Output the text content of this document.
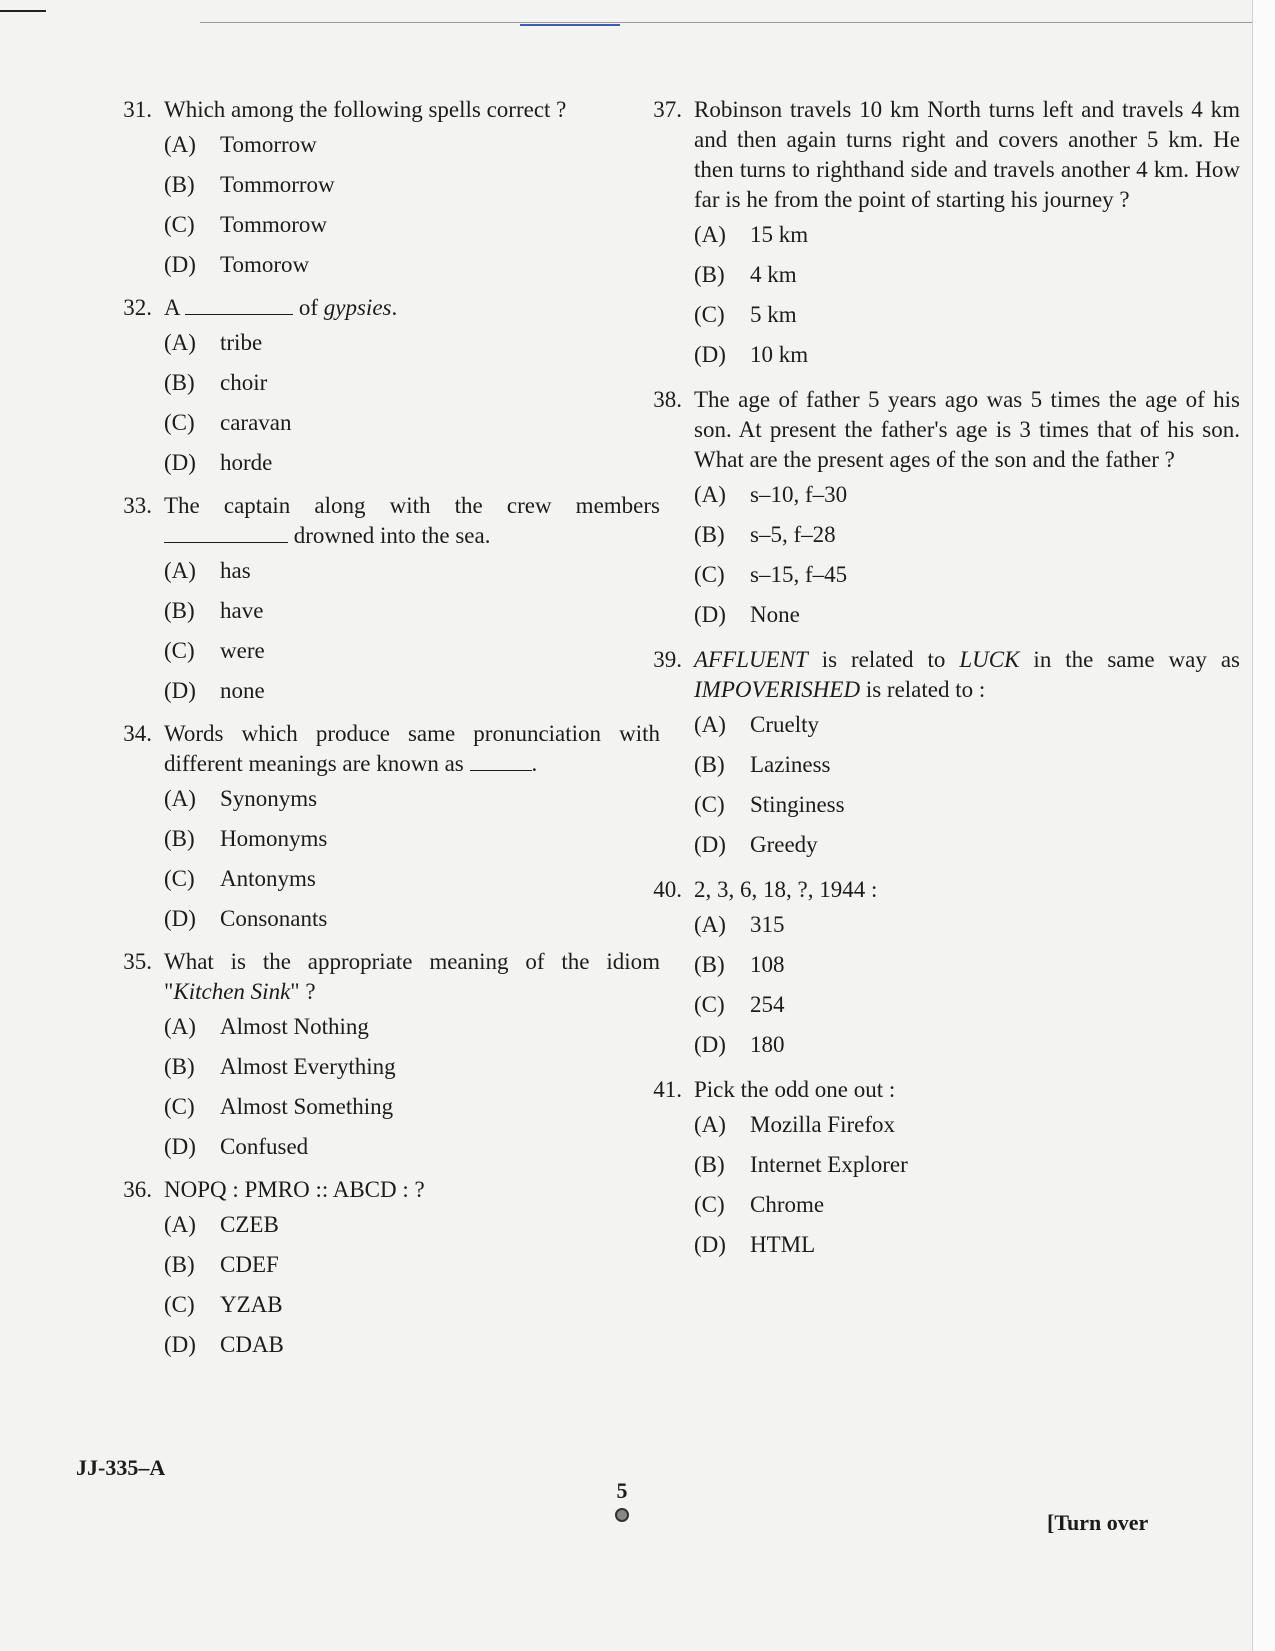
31. Which among the following spells correct ?
(A)	Tomorrow
(B)	Tommorrow
(C)	Tommorow
(D)	Tomorow
32. A	of gypsies.
(A)	tribe
(B)	choir
(C)	caravan
(D)	horde
33. The captain along with the crew members  drowned into the sea.
(A)	has
(B)	have
(C)	were
(D)	none
34. Words which produce same pronunciation with different meanings are known as	.
(A)	Synonyms
(B)	Homonyms
(C)	Antonyms
(D)	Consonants
35. What is the appropriate meaning of the idiom "Kitchen Sink" ?
(A)	Almost Nothing
(B)	Almost Everything
(C)	Almost Something
(D)	Confused
36. NOPQ : PMRO :: ABCD : ?
(A)	CZEB
(B)	CDEF
(C)	YZAB
(D)	CDAB
37. Robinson travels 10 km North turns left and travels 4 km and then again turns right and covers another 5 km. He then turns to righthand side and travels another 4 km. How far is he from the point of starting his journey ?
(A)	15 km
(B)	4 km
(C)	5 km
(D)	10 km
38. The age of father 5 years ago was 5 times the age of his son. At present the father's age is 3 times that of his son. What are the present ages of the son and the father ?
(A)	s–10, f–30
(B)	s–5, f–28
(C)	s–15, f–45
(D)	None
39. AFFLUENT is related to LUCK in the same way as IMPOVERISHED is related to :
(A)	Cruelty
(B)	Laziness
(C)	Stinginess
(D)	Greedy
40. 2, 3, 6, 18, ?, 1944 :
(A)	315
(B)	108
(C)	254
(D)	180
41. Pick the odd one out :
(A)	Mozilla Firefox
(B)	Internet Explorer
(C)	Chrome
(D)	HTML
JJ-335–A
5
[Turn over
